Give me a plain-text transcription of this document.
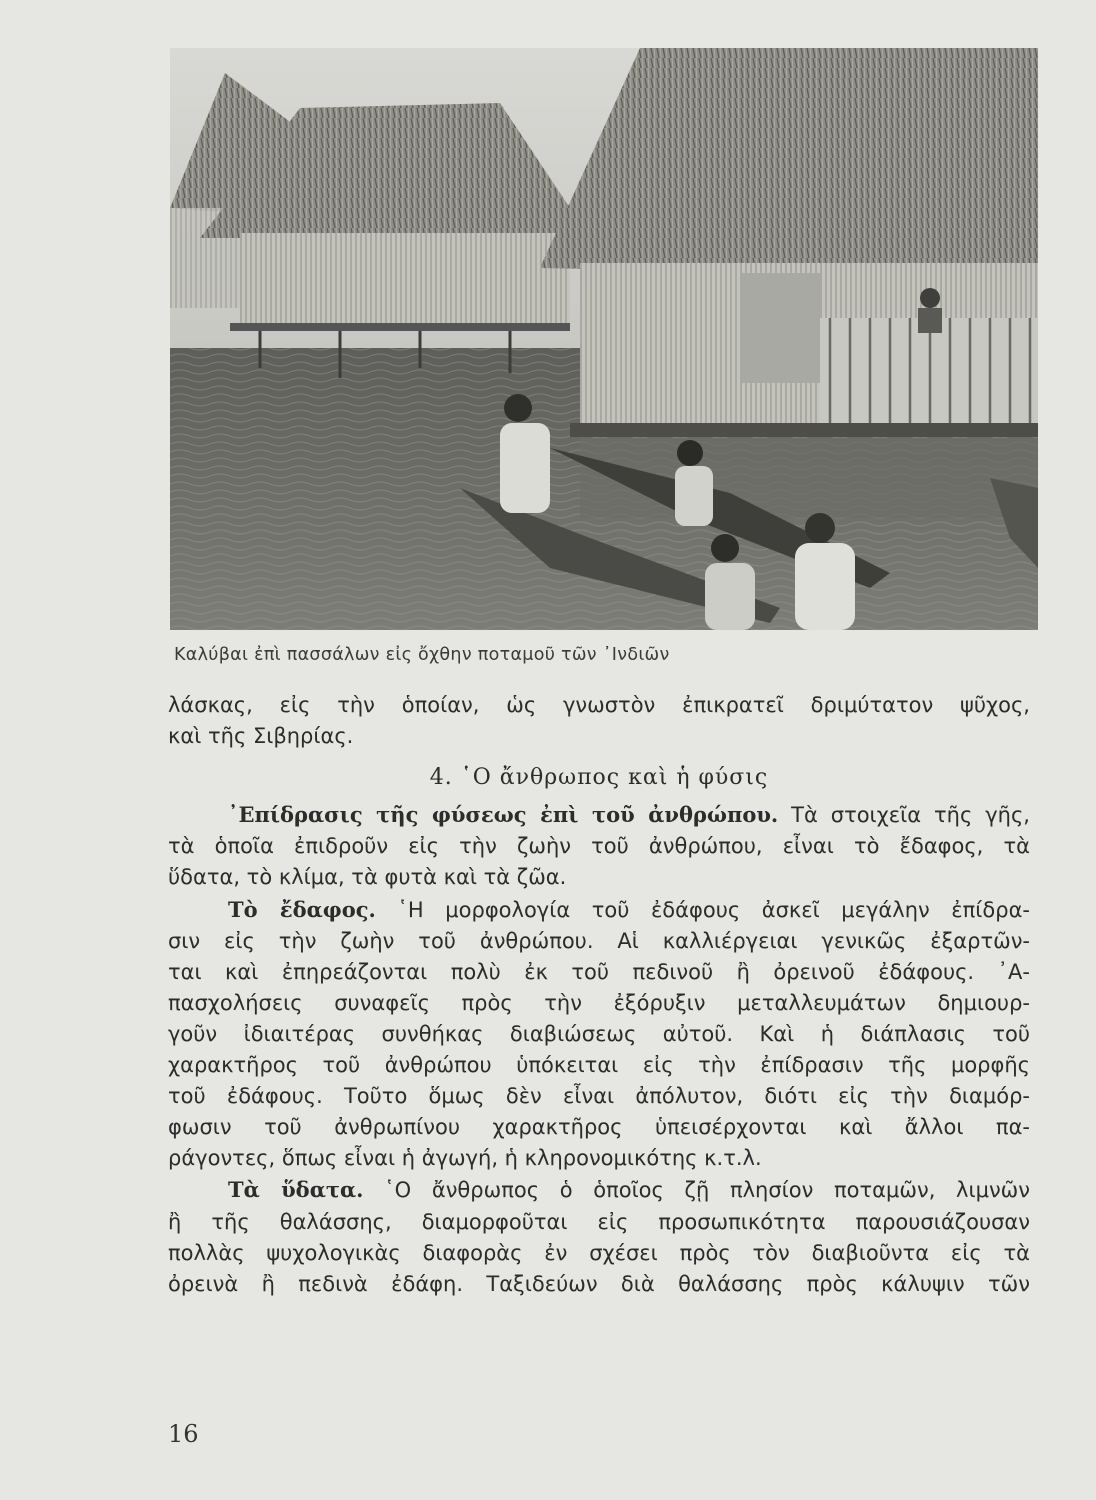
Καλύβαι ἐπὶ πασσάλων εἰς ὄχθην ποταμοῦ τῶν ᾽Ινδιῶν

λάσκας, εἰς τὴν ὁποίαν, ὡς γνωστὸν ἐπικρατεῖ δριμύτατον ψῦχος,
καὶ τῆς Σιβηρίας.

4. ῾Ο ἄνθρωπος καὶ ἡ φύσις

᾽Επίδρασις τῆς φύσεως ἐπὶ τοῦ ἀνθρώπου. Τὰ στοιχεῖα τῆς γῆς,
τὰ ὁποῖα ἐπιδροῦν εἰς τὴν ζωὴν τοῦ ἀνθρώπου, εἶναι τὸ ἔδαφος, τὰ
ὕδατα, τὸ κλίμα, τὰ φυτὰ καὶ τὰ ζῶα.

Τὸ ἔδαφος. ῾Η μορφολογία τοῦ ἐδάφους ἀσκεῖ μεγάλην ἐπίδρα-
σιν εἰς τὴν ζωὴν τοῦ ἀνθρώπου. Αἱ καλλιέργειαι γενικῶς ἐξαρτῶν-
ται καὶ ἐπηρεάζονται πολὺ ἐκ τοῦ πεδινοῦ ἢ ὀρεινοῦ ἐδάφους. ᾽Α-
πασχολήσεις συναφεῖς πρὸς τὴν ἐξόρυξιν μεταλλευμάτων δημιουρ-
γοῦν ἰδιαιτέρας συνθήκας διαβιώσεως αὐτοῦ. Καὶ ἡ διάπλασις τοῦ
χαρακτῆρος τοῦ ἀνθρώπου ὑπόκειται εἰς τὴν ἐπίδρασιν τῆς μορφῆς
τοῦ ἐδάφους. Τοῦτο ὅμως δὲν εἶναι ἀπόλυτον, διότι εἰς τὴν διαμόρ-
φωσιν τοῦ ἀνθρωπίνου χαρακτῆρος ὑπεισέρχονται καὶ ἄλλοι πα-
ράγοντες, ὅπως εἶναι ἡ ἀγωγή, ἡ κληρονομικότης κ.τ.λ.

Τὰ ὕδατα. ῾Ο ἄνθρωπος ὁ ὁποῖος ζῇ πλησίον ποταμῶν, λιμνῶν
ἢ τῆς θαλάσσης, διαμορφοῦται εἰς προσωπικότητα παρουσιάζουσαν
πολλὰς ψυχολογικὰς διαφορὰς ἐν σχέσει πρὸς τὸν διαβιοῦντα εἰς τὰ
ὀρεινὰ ἢ πεδινὰ ἐδάφη. Ταξιδεύων διὰ θαλάσσης πρὸς κάλυψιν τῶν

16
